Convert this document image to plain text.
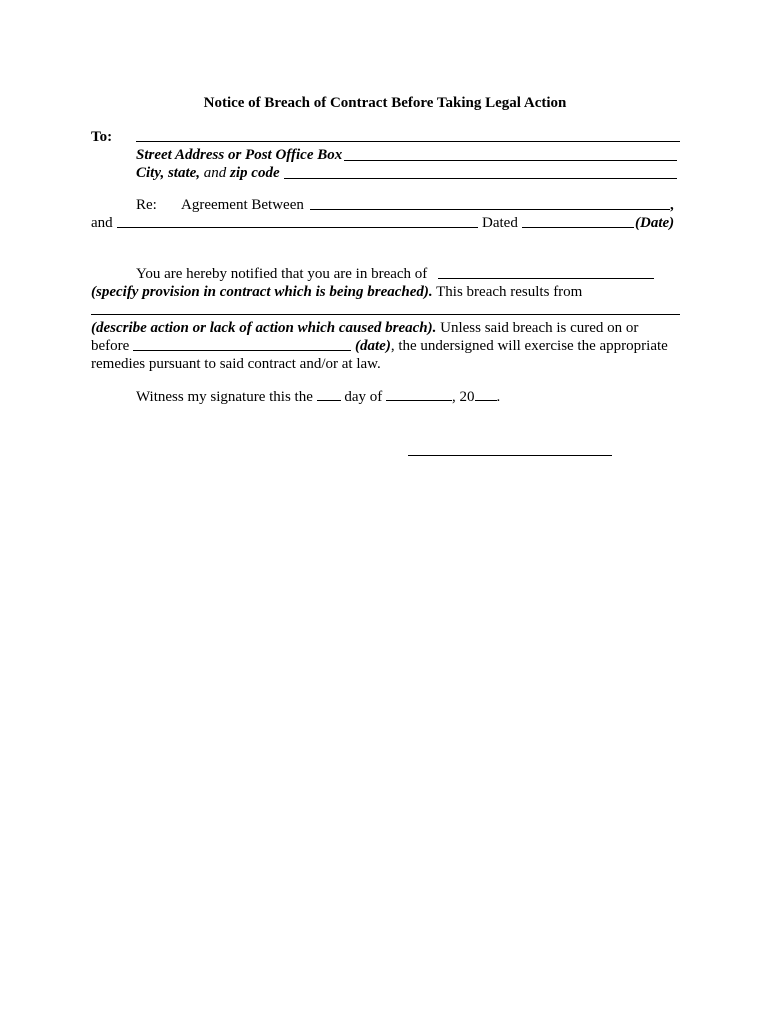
Notice of Breach of Contract Before Taking Legal Action
To:
Street Address or Post Office Box
City, state, and zip code
Re: Agreement Between	,
and	Dated	(Date)
You are hereby notified that you are in breach of
(specify provision in contract which is being breached). This breach results from
(describe action or lack of action which caused breach). Unless said breach is cured on or
before	(date), the undersigned will exercise the appropriate
remedies pursuant to said contract and/or at law.
Witness my signature this the day of	, 20 .
